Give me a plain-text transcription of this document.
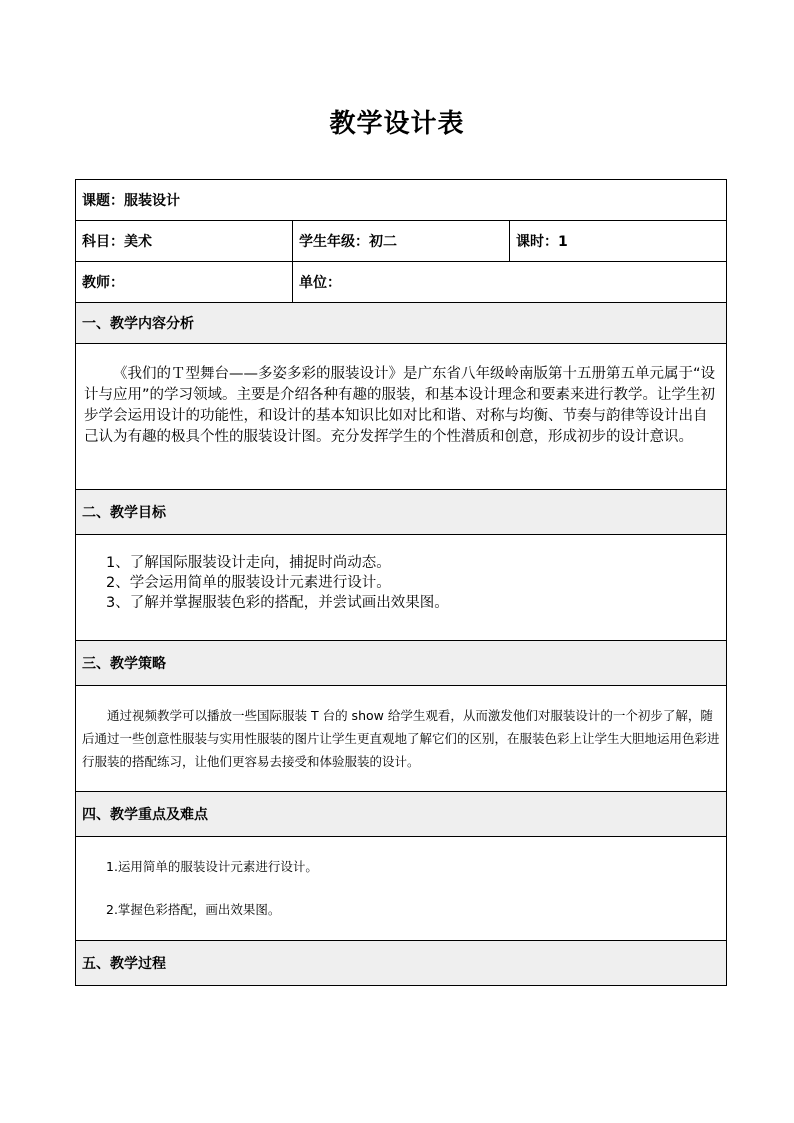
教学设计表
课题：服装设计		
科目：美术	学生年级：初二	课时：1
教师：	单位：	
一、教学内容分析		

《我们的Ｔ型舞台——多姿多彩的服装设计》是广东省八年级岭南版第十五册第五单元属于“设计与应用”的学习领域。主要是介绍各种有趣的服装，和基本设计理念和要素来进行教学。让学生初步学会运用设计的功能性，和设计的基本知识比如对比和谐、对称与均衡、节奏与韵律等设计出自己认为有趣的极具个性的服装设计图。充分发挥学生的个性潜质和创意，形成初步的设计意识。		

二、教学目标		

1、了解国际服装设计走向，捕捉时尚动态。
2、学会运用简单的服装设计元素进行设计。
3、了解并掌握服装色彩的搭配，并尝试画出效果图。		

三、教学策略		

通过视频教学可以播放一些国际服装 T 台的 show 给学生观看，从而激发他们对服装设计的一个初步了解，随后通过一些创意性服装与实用性服装的图片让学生更直观地了解它们的区别，在服装色彩上让学生大胆地运用色彩进行服装的搭配练习，让他们更容易去接受和体验服装的设计。		

四、教学重点及难点		

1.运用简单的服装设计元素进行设计。
2.掌握色彩搭配，画出效果图。		

五、教学过程		
